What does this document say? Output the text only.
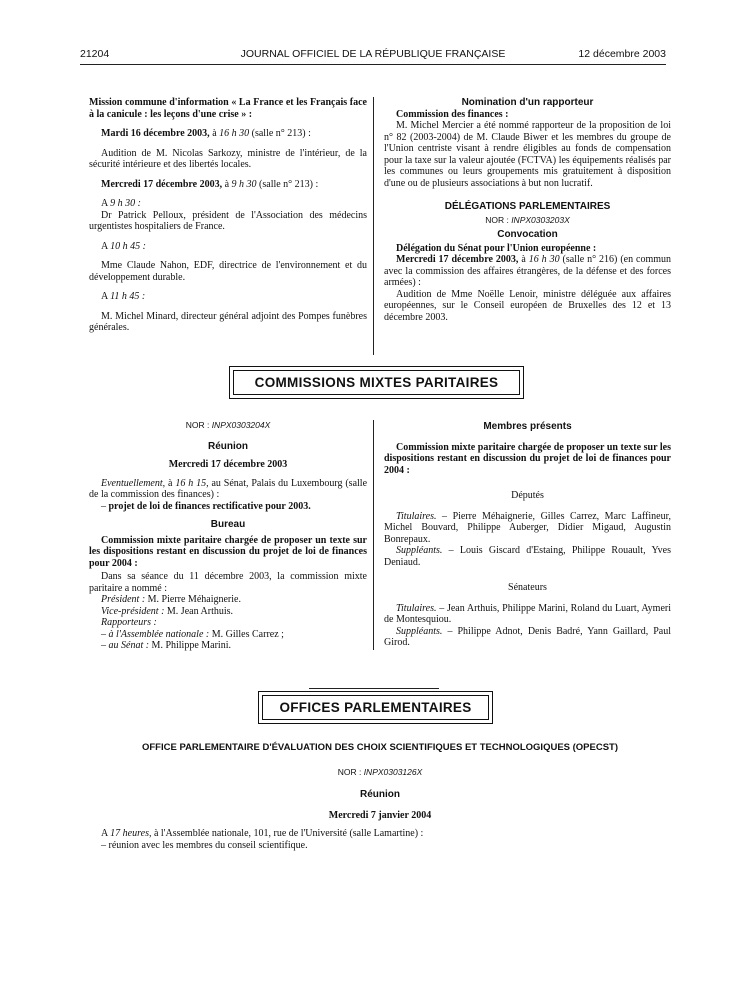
21204	JOURNAL OFFICIEL DE LA RÉPUBLIQUE FRANÇAISE	12 décembre 2003

Mission commune d'information « La France et les Français face à la canicule : les leçons d'une crise » :

Mardi 16 décembre 2003, à 16 h 30 (salle n° 213) :

Audition de M. Nicolas Sarkozy, ministre de l'intérieur, de la sécurité intérieure et des libertés locales.

Mercredi 17 décembre 2003, à 9 h 30 (salle n° 213) :

A 9 h 30 :

Dr Patrick Pelloux, président de l'Association des médecins urgentistes hospitaliers de France.

A 10 h 45 :

Mme Claude Nahon, EDF, directrice de l'environnement et du développement durable.

A 11 h 45 :

M. Michel Minard, directeur général adjoint des Pompes funèbres générales.

Nomination d'un rapporteur

Commission des finances :

M. Michel Mercier a été nommé rapporteur de la proposition de loi n° 82 (2003-2004) de M. Claude Biwer et les membres du groupe de l'Union centriste visant à rendre éligibles au fonds de compensation pour la taxe sur la valeur ajoutée (FCTVA) les équipements réalisés par les communes ou leurs groupements mis gratuitement à disposition d'une ou de plusieurs associations à but non lucratif.

DÉLÉGATIONS PARLEMENTAIRES

NOR : INPX0303203X

Convocation

Délégation du Sénat pour l'Union européenne :

Mercredi 17 décembre 2003, à 16 h 30 (salle n° 216) (en commun avec la commission des affaires étrangères, de la défense et des forces armées) :

Audition de Mme Noëlle Lenoir, ministre déléguée aux affaires européennes, sur le Conseil européen de Bruxelles des 12 et 13 décembre 2003.

COMMISSIONS MIXTES PARITAIRES

NOR : INPX0303204X

Réunion

Mercredi 17 décembre 2003

Eventuellement, à 16 h 15, au Sénat, Palais du Luxembourg (salle de la commission des finances) :

– projet de loi de finances rectificative pour 2003.

Bureau

Commission mixte paritaire chargée de proposer un texte sur les dispositions restant en discussion du projet de loi de finances pour 2004 :

Dans sa séance du 11 décembre 2003, la commission mixte paritaire a nommé :

Président : M. Pierre Méhaignerie.

Vice-président : M. Jean Arthuis.

Rapporteurs :

– à l'Assemblée nationale : M. Gilles Carrez ;

– au Sénat : M. Philippe Marini.

Membres présents

Commission mixte paritaire chargée de proposer un texte sur les dispositions restant en discussion du projet de loi de finances pour 2004 :

Députés

Titulaires. – Pierre Méhaignerie, Gilles Carrez, Marc Laffineur, Michel Bouvard, Philippe Auberger, Didier Migaud, Augustin Bonrepaux.

Suppléants. – Louis Giscard d'Estaing, Philippe Rouault, Yves Deniaud.

Sénateurs

Titulaires. – Jean Arthuis, Philippe Marini, Roland du Luart, Aymeri de Montesquiou.

Suppléants. – Philippe Adnot, Denis Badré, Yann Gaillard, Paul Girod.

OFFICES PARLEMENTAIRES

OFFICE PARLEMENTAIRE D'ÉVALUATION DES CHOIX SCIENTIFIQUES ET TECHNOLOGIQUES (OPECST)

NOR : INPX0303126X

Réunion

Mercredi 7 janvier 2004

A 17 heures, à l'Assemblée nationale, 101, rue de l'Université (salle Lamartine) :

– réunion avec les membres du conseil scientifique.
